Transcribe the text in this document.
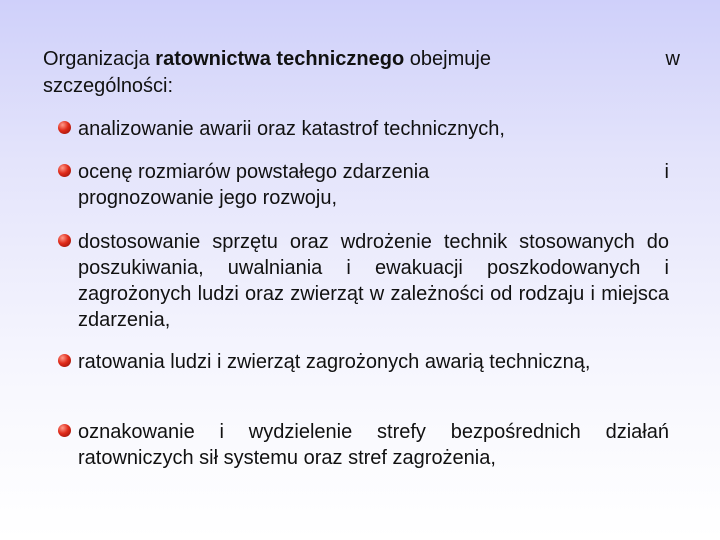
Organizacja ratownictwa technicznego obejmuje	w

szczególności:
analizowanie awarii oraz katastrof technicznych,
ocenę rozmiarów powstałego zdarzenia	i

prognozowanie jego rozwoju,
dostosowanie sprzętu oraz wdrożenie technik stosowanych do poszukiwania, uwalniania i ewakuacji poszkodowanych i zagrożonych ludzi oraz zwierząt w zależności od rodzaju i miejsca zdarzenia,
ratowania ludzi i zwierząt zagrożonych awarią techniczną,
oznakowanie i wydzielenie strefy bezpośrednich działań ratowniczych sił systemu oraz stref zagrożenia,
